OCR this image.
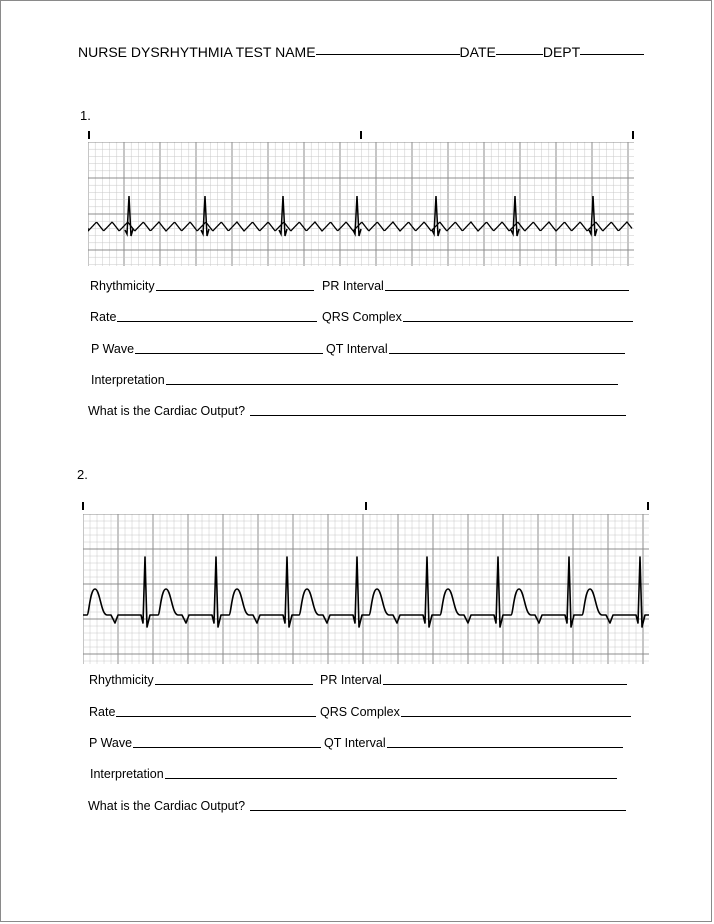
NURSE DYSRHYTHMIA TEST NAME	DATE	DEPT
1.
Rhythmicity	PR Interval
Rate	QRS Complex
P Wave	QT Interval
Interpretation
What is the Cardiac Output?
2.
Rhythmicity	PR Interval
Rate	QRS Complex
P Wave	QT Interval
Interpretation
What is the Cardiac Output?
